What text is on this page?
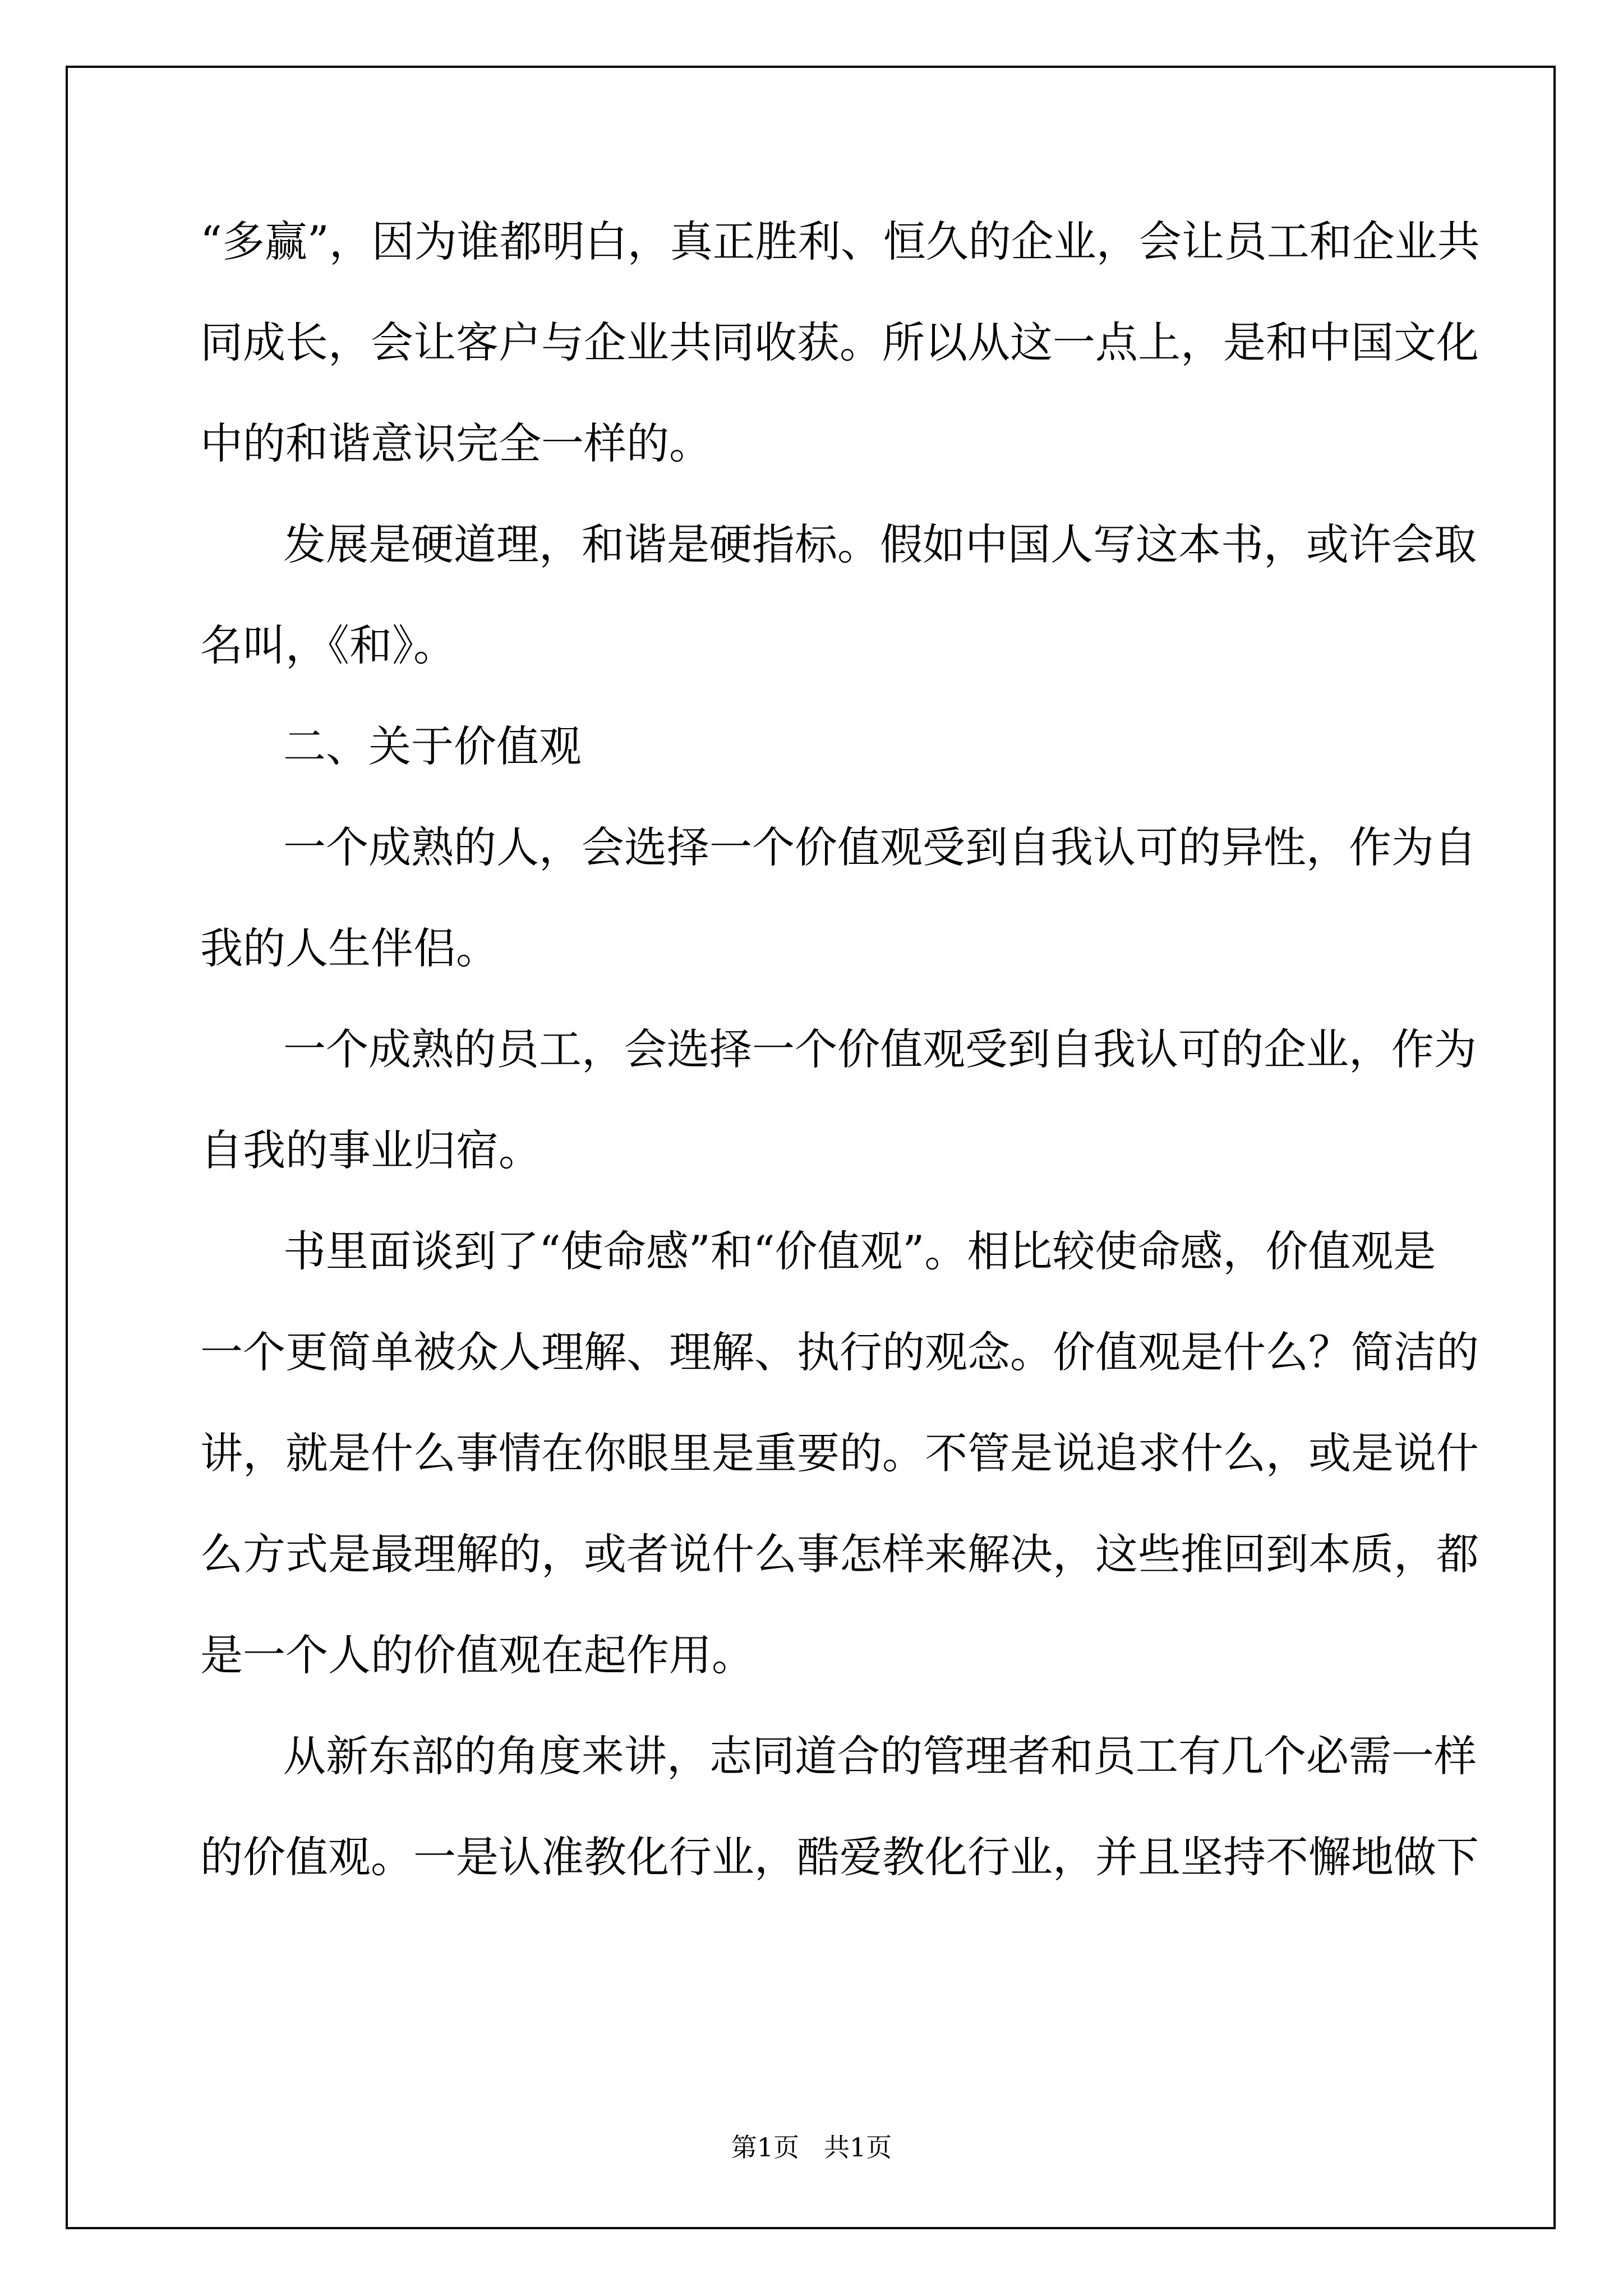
“多赢”，因为谁都明白，真正胜利、恒久的企业，会让员工和企业共
同成长，会让客户与企业共同收获。所以从这一点上，是和中国文化
中的和谐意识完全一样的。
发展是硬道理，和谐是硬指标。假如中国人写这本书，或许会取
名叫，《和》。
二、关于价值观
一个成熟的人，会选择一个价值观受到自我认可的异性，作为自
我的人生伴侣。
一个成熟的员工，会选择一个价值观受到自我认可的企业，作为
自我的事业归宿。
书里面谈到了“使命感”和“价值观”。相比较使命感，价值观是
一个更简单被众人理解、理解、执行的观念。价值观是什么？简洁的
讲，就是什么事情在你眼里是重要的。不管是说追求什么，或是说什
么方式是最理解的，或者说什么事怎样来解决，这些推回到本质，都
是一个人的价值观在起作用。
从新东部的角度来讲，志同道合的管理者和员工有几个必需一样
的价值观。一是认准教化行业，酷爱教化行业，并且坚持不懈地做下
第1页 共1页
